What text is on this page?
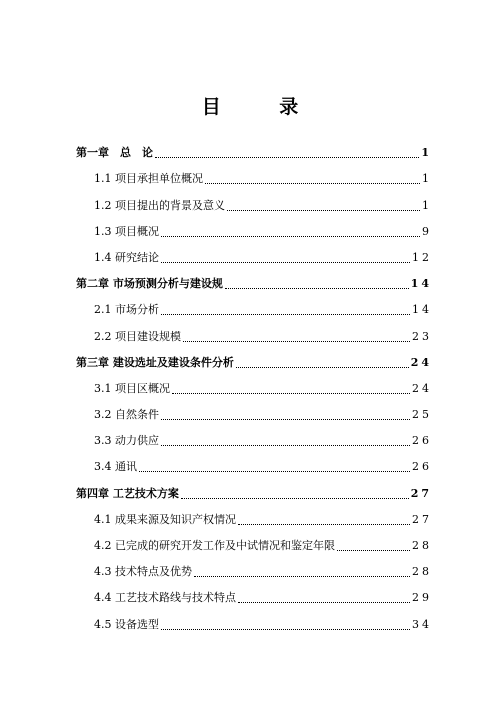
目 录
第一章　总　论	1
1.1 项目承担单位概况	1
1.2 项目提出的背景及意义	1
1.3 项目概况	9
1.4 研究结论	12
第二章 市场预测分析与建设规	14
2.1 市场分析	14
2.2 项目建设规模	23
第三章 建设选址及建设条件分析	24
3.1 项目区概况	24
3.2 自然条件	25
3.3 动力供应	26
3.4 通讯	26
第四章 工艺技术方案	27
4.1 成果来源及知识产权情况	27
4.2 已完成的研究开发工作及中试情况和鉴定年限	28
4.3 技术特点及优势	28
4.4 工艺技术路线与技术特点	29
4.5 设备选型	34
